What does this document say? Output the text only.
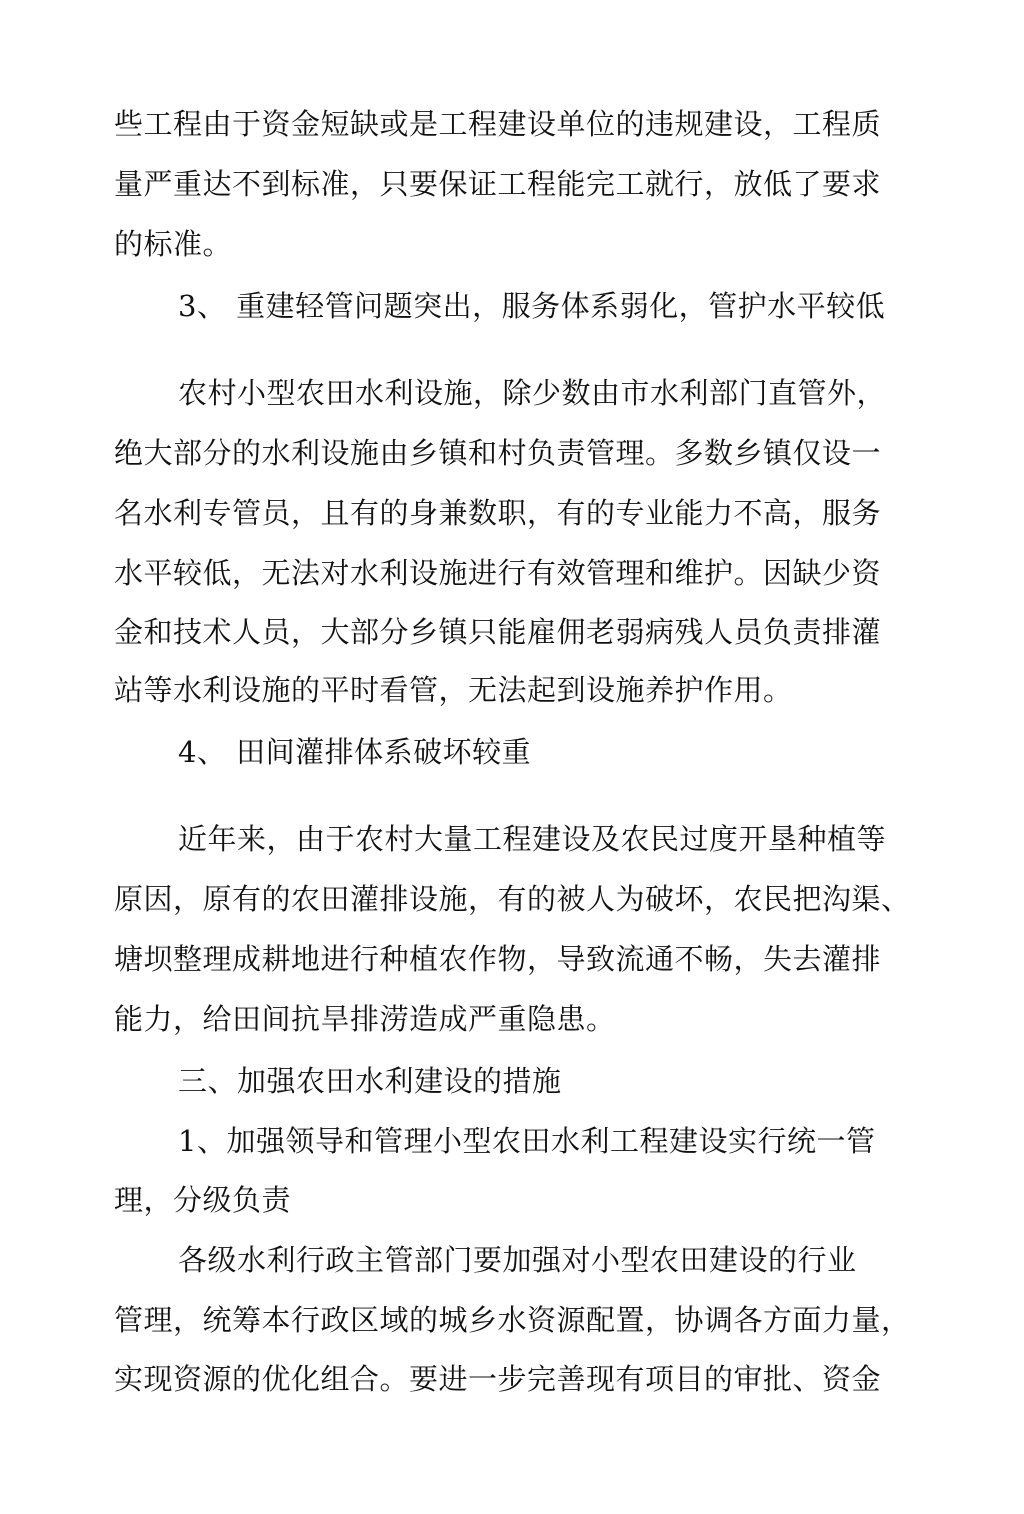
些工程由于资金短缺或是工程建设单位的违规建设，工程质
量严重达不到标准，只要保证工程能完工就行，放低了要求
的标准。
3、 重建轻管问题突出，服务体系弱化，管护水平较低
农村小型农田水利设施，除少数由市水利部门直管外，
绝大部分的水利设施由乡镇和村负责管理。多数乡镇仅设一
名水利专管员，且有的身兼数职，有的专业能力不高，服务
水平较低，无法对水利设施进行有效管理和维护。因缺少资
金和技术人员，大部分乡镇只能雇佣老弱病残人员负责排灌
站等水利设施的平时看管，无法起到设施养护作用。
4、 田间灌排体系破坏较重
近年来，由于农村大量工程建设及农民过度开垦种植等
原因，原有的农田灌排设施，有的被人为破坏，农民把沟渠、
塘坝整理成耕地进行种植农作物，导致流通不畅，失去灌排
能力，给田间抗旱排涝造成严重隐患。
三、加强农田水利建设的措施
1、加强领导和管理小型农田水利工程建设实行统一管
理，分级负责
各级水利行政主管部门要加强对小型农田建设的行业
管理，统筹本行政区域的城乡水资源配置，协调各方面力量，
实现资源的优化组合。要进一步完善现有项目的审批、资金
